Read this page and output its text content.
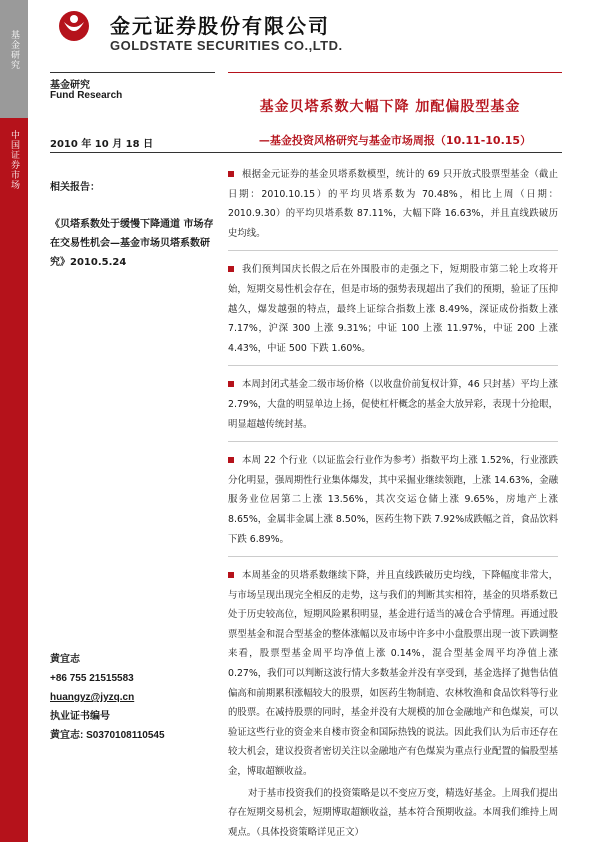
基金研究
中国证券市场
金元证券股份有限公司
GOLDSTATE SECURITIES CO.,LTD.
基金研究
Fund Research
2010 年 10 月 18 日
相关报告：
《贝塔系数处于缓慢下降通道 市场存在交易性机会—基金市场贝塔系数研究》2010.5.24
黄宜志
+86 755 21515583
huangyz@jyzq.cn
执业证书编号
黄宜志: S0370108110545
基金贝塔系数大幅下降 加配偏股型基金
—基金投资风格研究与基金市场周报（10.11-10.15）

根据金元证券的基金贝塔系数模型，统计的 69 只开放式股票型基金（截止日期：2010.10.15）的平均贝塔系数为 70.48%，相比上周（日期：2010.9.30）的平均贝塔系数 87.11%，大幅下降 16.63%，并且直线跌破历史均线。

我们预判国庆长假之后在外围股市的走强之下，短期股市第二轮上攻将开始，短期交易性机会存在，但是市场的强势表现超出了我们的预期，验证了压抑越久，爆发越强的特点，最终上证综合指数上涨 8.49%，深证成份指数上涨 7.17%，沪深 300 上涨 9.31%；中证 100 上涨 11.97%，中证 200 上涨 4.43%，中证 500 下跌 1.60%。

本周封闭式基金二级市场价格（以收盘价前复权计算，46 只封基）平均上涨 2.79%，大盘的明显单边上扬，促使杠杆概念的基金大放异彩，表现十分抢眼，明显超越传统封基。

本周 22 个行业（以证监会行业作为参考）指数平均上涨 1.52%，行业涨跌分化明显，强周期性行业集体爆发，其中采掘业继续领跑，上涨 14.63%，金融服务业位居第二上涨 13.56%，其次交运仓储上涨 9.65%，房地产上涨 8.65%，金属非金属上涨 8.50%，医药生物下跌 7.92%成跌幅之首，食品饮料下跌 6.89%。

本周基金的贝塔系数继续下降，并且直线跌破历史均线，下降幅度非常大，与市场呈现出现完全相反的走势，这与我们的判断其实相符，基金的贝塔系数已处于历史较高位，短期风险累积明显，基金进行适当的减仓合乎情理。再通过股票型基金和混合型基金的整体涨幅以及市场中许多中小盘股票出现一波下跌调整来看，股票型基金周平均净值上涨 0.14%，混合型基金周平均净值上涨 0.27%，我们可以判断这波行情大多数基金并没有享受到，基金选择了抛售估值偏高和前期累积涨幅较大的股票，如医药生物制造、农林牧渔和食品饮料等行业的股票。在减持股票的同时，基金并没有大规模的加仓金融地产和色煤炭，可以验证这些行业的资金来自楼市资金和国际热钱的说法。因此我们认为后市还存在较大机会，建议投资者密切关注以金融地产有色煤炭为重点行业配置的偏股型基金，博取超额收益。

对于基市投资我们的投资策略是以不变应万变，精选好基金。上周我们提出存在短期交易机会，短期博取超额收益，基本符合预期收益。本周我们维持上周观点。（具体投资策略详见正文）
